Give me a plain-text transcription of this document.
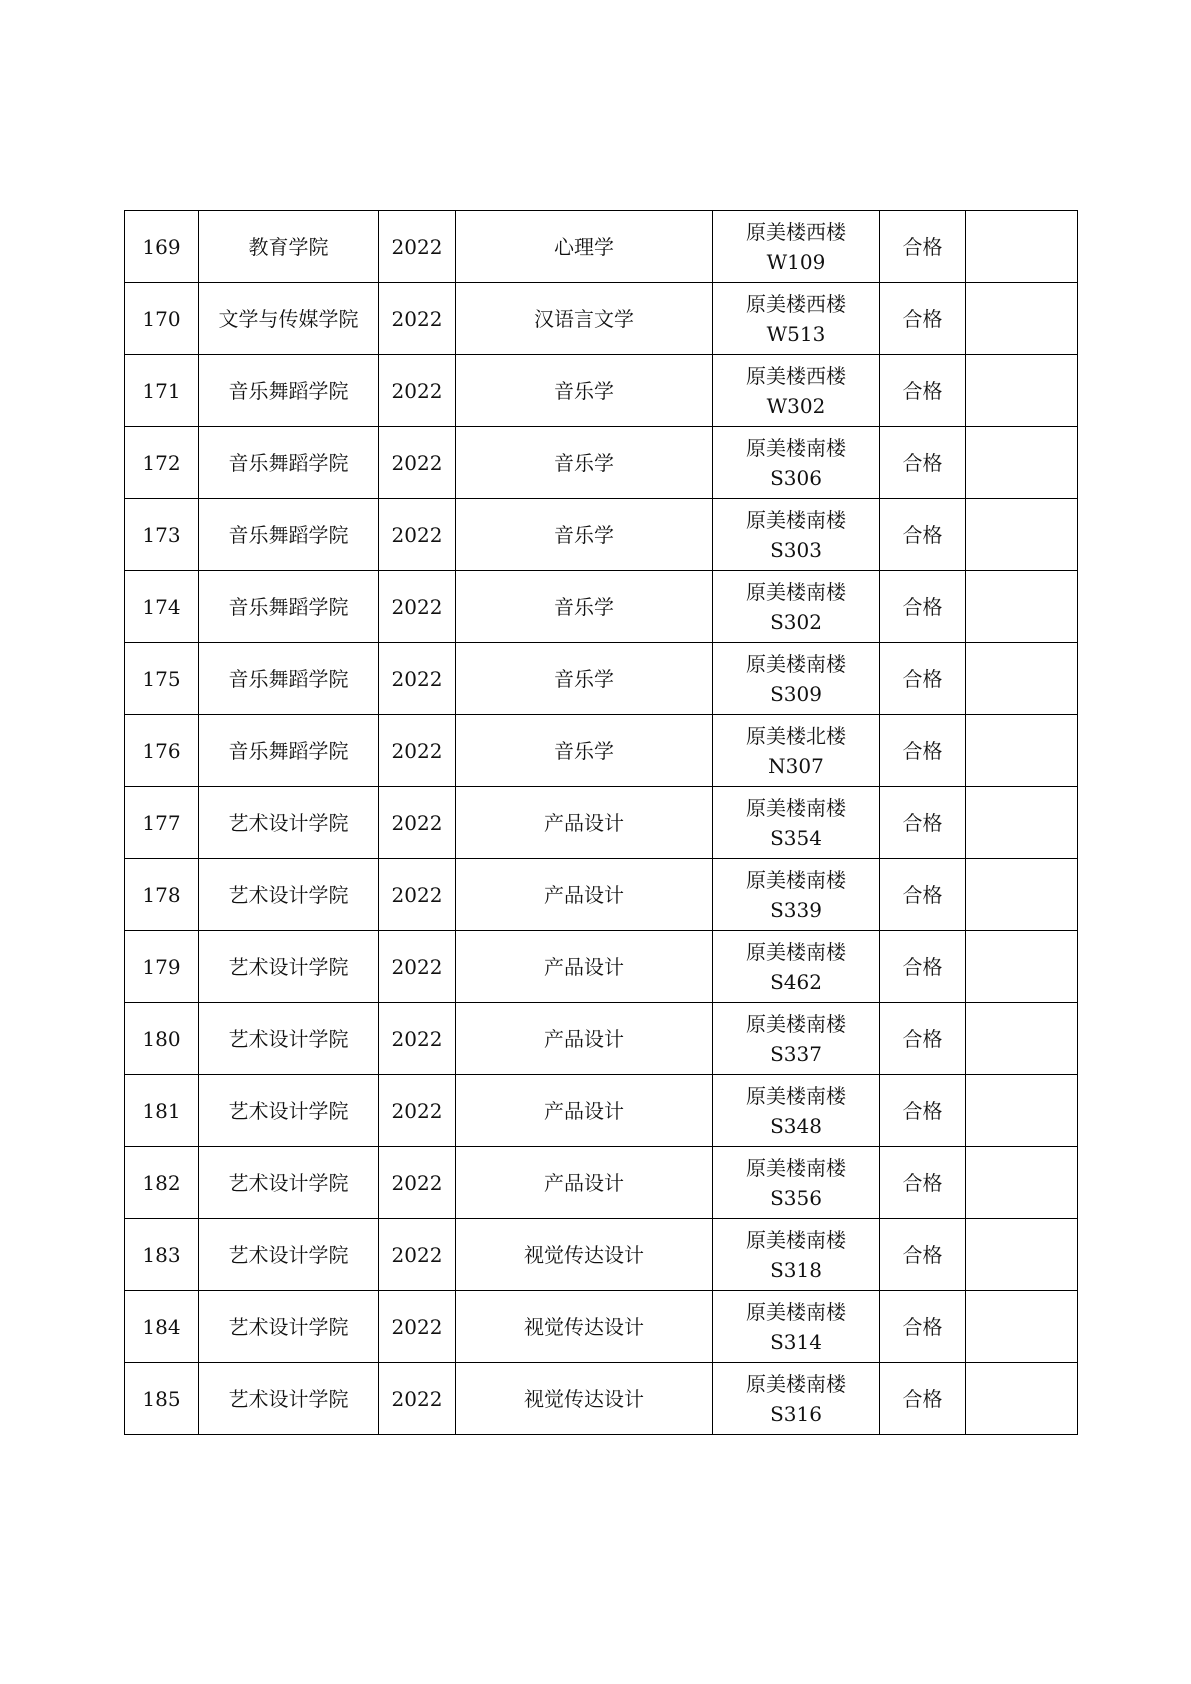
169	教育学院	2022	心理学	原美楼西楼
W109	合格	
170	文学与传媒学院	2022	汉语言文学	原美楼西楼
W513	合格	
171	音乐舞蹈学院	2022	音乐学	原美楼西楼
W302	合格	
172	音乐舞蹈学院	2022	音乐学	原美楼南楼
S306	合格	
173	音乐舞蹈学院	2022	音乐学	原美楼南楼
S303	合格	
174	音乐舞蹈学院	2022	音乐学	原美楼南楼
S302	合格	
175	音乐舞蹈学院	2022	音乐学	原美楼南楼
S309	合格	
176	音乐舞蹈学院	2022	音乐学	原美楼北楼
N307	合格	
177	艺术设计学院	2022	产品设计	原美楼南楼
S354	合格	
178	艺术设计学院	2022	产品设计	原美楼南楼
S339	合格	
179	艺术设计学院	2022	产品设计	原美楼南楼
S462	合格	
180	艺术设计学院	2022	产品设计	原美楼南楼
S337	合格	
181	艺术设计学院	2022	产品设计	原美楼南楼
S348	合格	
182	艺术设计学院	2022	产品设计	原美楼南楼
S356	合格	
183	艺术设计学院	2022	视觉传达设计	原美楼南楼
S318	合格	
184	艺术设计学院	2022	视觉传达设计	原美楼南楼
S314	合格	
185	艺术设计学院	2022	视觉传达设计	原美楼南楼
S316	合格	
